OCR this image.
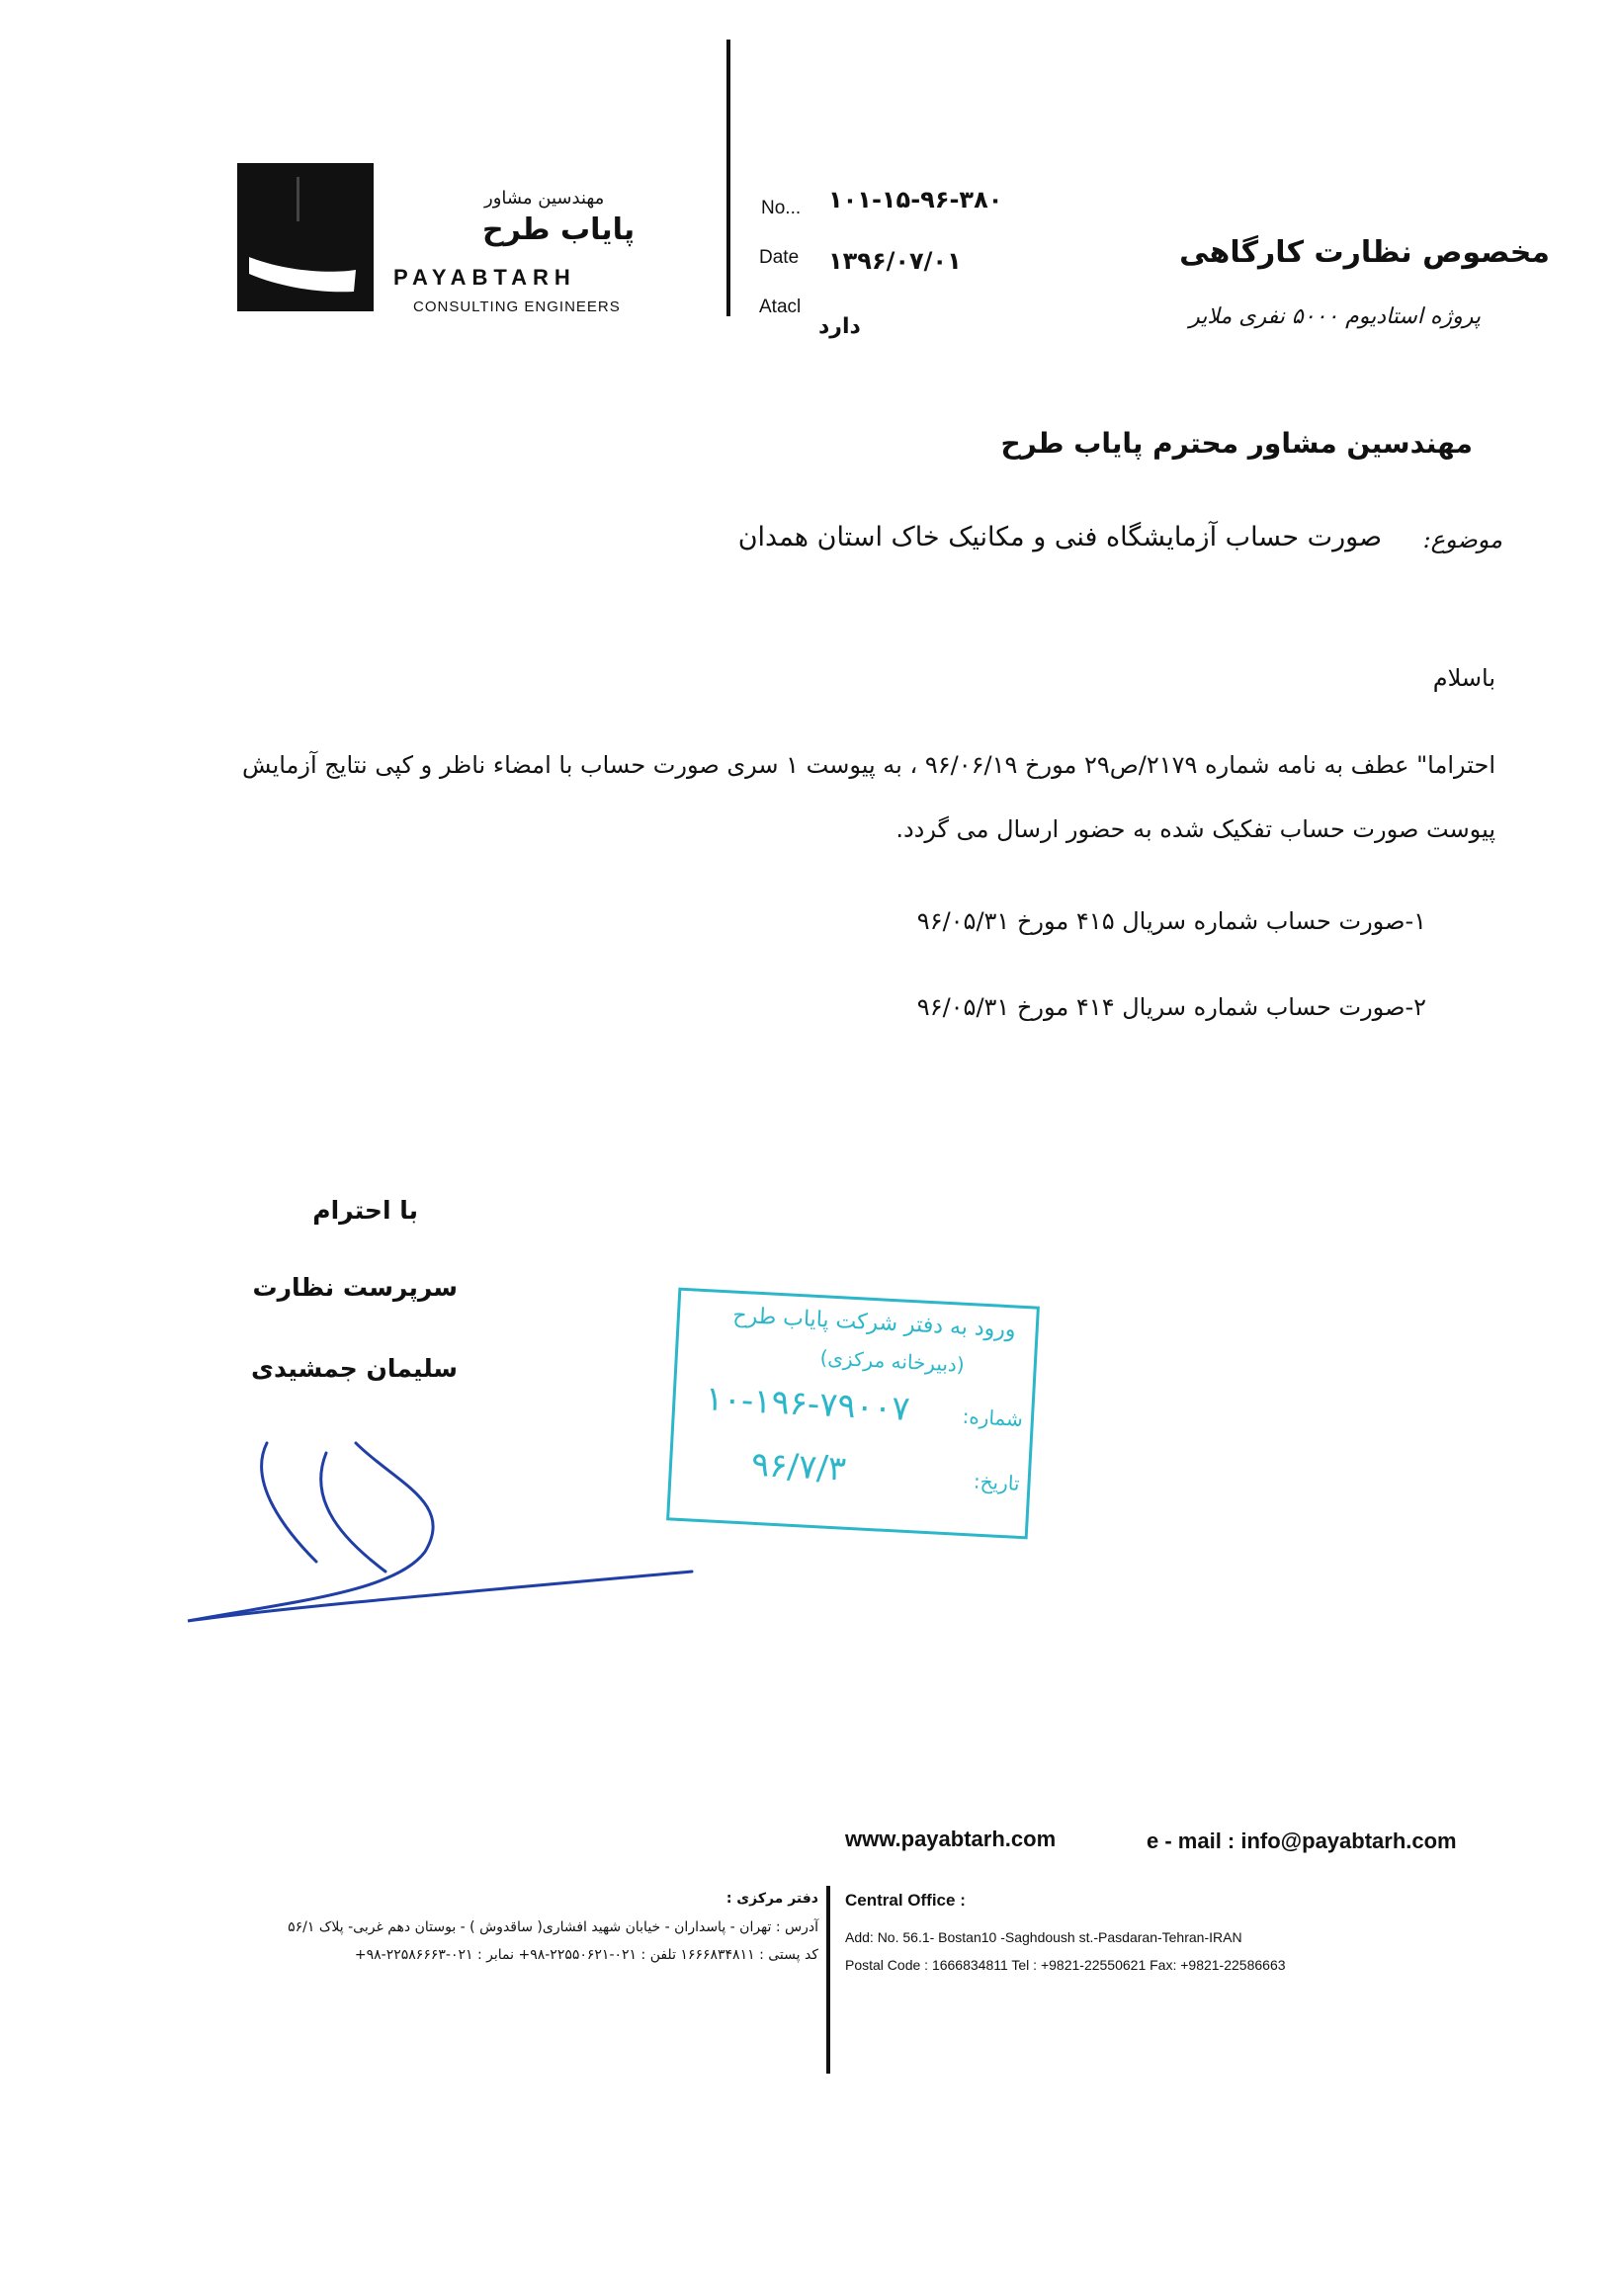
مهندسین مشاور
پایاب طرح
PAYABTARH
CONSULTING ENGINEERS
No... ۱۰۱-۱۵-۹۶-۳۸۰
Date ۱۳۹۶/۰۷/۰۱
Atacl
دارد
مخصوص نظارت کارگاهی
پروژه استادیوم ۵۰۰۰ نفری ملایر
مهندسین مشاور محترم پایاب طرح
موضوع:
صورت حساب آزمایشگاه فنی و مکانیک خاک استان همدان
باسلام
احتراما" عطف به نامه شماره ۲۱۷۹/ص۲۹ مورخ ۹۶/۰۶/۱۹ ، به پیوست ۱ سری صورت حساب با امضاء ناظر و کپی نتایج آزمایش
پیوست صورت حساب تفکیک شده به حضور ارسال می گردد.
۱-صورت حساب شماره سریال ۴۱۵ مورخ ۹۶/۰۵/۳۱
۲-صورت حساب شماره سریال ۴۱۴ مورخ ۹۶/۰۵/۳۱
با احترام
سرپرست نظارت
سلیمان جمشیدی
ورود به دفتر شرکت پایاب طرح
(دبیرخانه مرکزی)
شماره:
۱۰-۱۹۶-۷۹۰۰۷
تاریخ:
۹۶/۷/۳
www.payabtarh.com	e - mail : info@payabtarh.com
دفتر مرکزی :
آدرس : تهران - پاسداران - خیابان شهید افشاری( ساقدوش ) - بوستان دهم غربی- پلاک ۵۶/۱
کد پستی : ۱۶۶۶۸۳۴۸۱۱ تلفن : ۰۲۱-۲۲۵۵۰۶۲۱-۹۸+ نمابر : ۰۲۱-۲۲۵۸۶۶۶۳-۹۸+
Central Office :
Add: No. 56.1- Bostan10 -Saghdoush st.-Pasdaran-Tehran-IRAN
Postal Code : 1666834811 Tel : +9821-22550621 Fax: +9821-22586663
